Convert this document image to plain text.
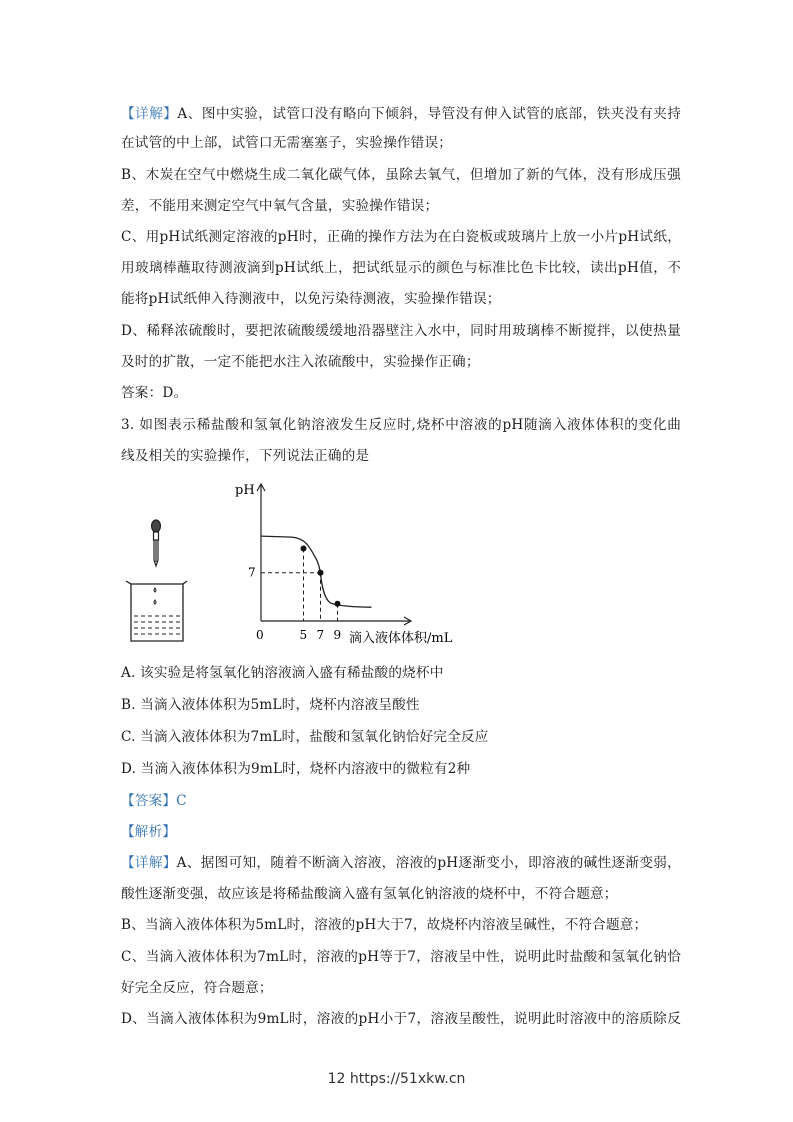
【详解】A、图中实验，试管口没有略向下倾斜，导管没有伸入试管的底部，铁夹没有夹持
在试管的中上部，试管口无需塞塞子，实验操作错误；
B、木炭在空气中燃烧生成二氧化碳气体，虽除去氧气，但增加了新的气体，没有形成压强
差，不能用来测定空气中氧气含量，实验操作错误；
C、用pH试纸测定溶液的pH时，正确的操作方法为在白瓷板或玻璃片上放一小片pH试纸，
用玻璃棒蘸取待测液滴到pH试纸上，把试纸显示的颜色与标准比色卡比较，读出pH值，不
能将pH试纸伸入待测液中，以免污染待测液，实验操作错误；
D、稀释浓硫酸时，要把浓硫酸缓缓地沿器壁注入水中，同时用玻璃棒不断搅拌，以使热量
及时的扩散，一定不能把水注入浓硫酸中，实验操作正确；
答案：D。
3. 如图表示稀盐酸和氢氧化钠溶液发生反应时,烧杯中溶液的pH随滴入液体体积的变化曲
线及相关的实验操作，下列说法正确的是
pH
滴入液体体积/mL
0	5 7 9
7
A. 该实验是将氢氧化钠溶液滴入盛有稀盐酸的烧杯中
B. 当滴入液体体积为5mL时，烧杯内溶液呈酸性
C. 当滴入液体体积为7mL时，盐酸和氢氧化钠恰好完全反应
D. 当滴入液体体积为9mL时，烧杯内溶液中的微粒有2种
【答案】C
【解析】
【详解】A、据图可知，随着不断滴入溶液，溶液的pH逐渐变小，即溶液的碱性逐渐变弱，
酸性逐渐变强，故应该是将稀盐酸滴入盛有氢氧化钠溶液的烧杯中，不符合题意；
B、当滴入液体体积为5mL时，溶液的pH大于7，故烧杯内溶液呈碱性，不符合题意；
C、当滴入液体体积为7mL时，溶液的pH等于7，溶液呈中性，说明此时盐酸和氢氧化钠恰
好完全反应，符合题意；
D、当滴入液体体积为9mL时，溶液的pH小于7，溶液呈酸性，说明此时溶液中的溶质除反
12 https://51xkw.cn
